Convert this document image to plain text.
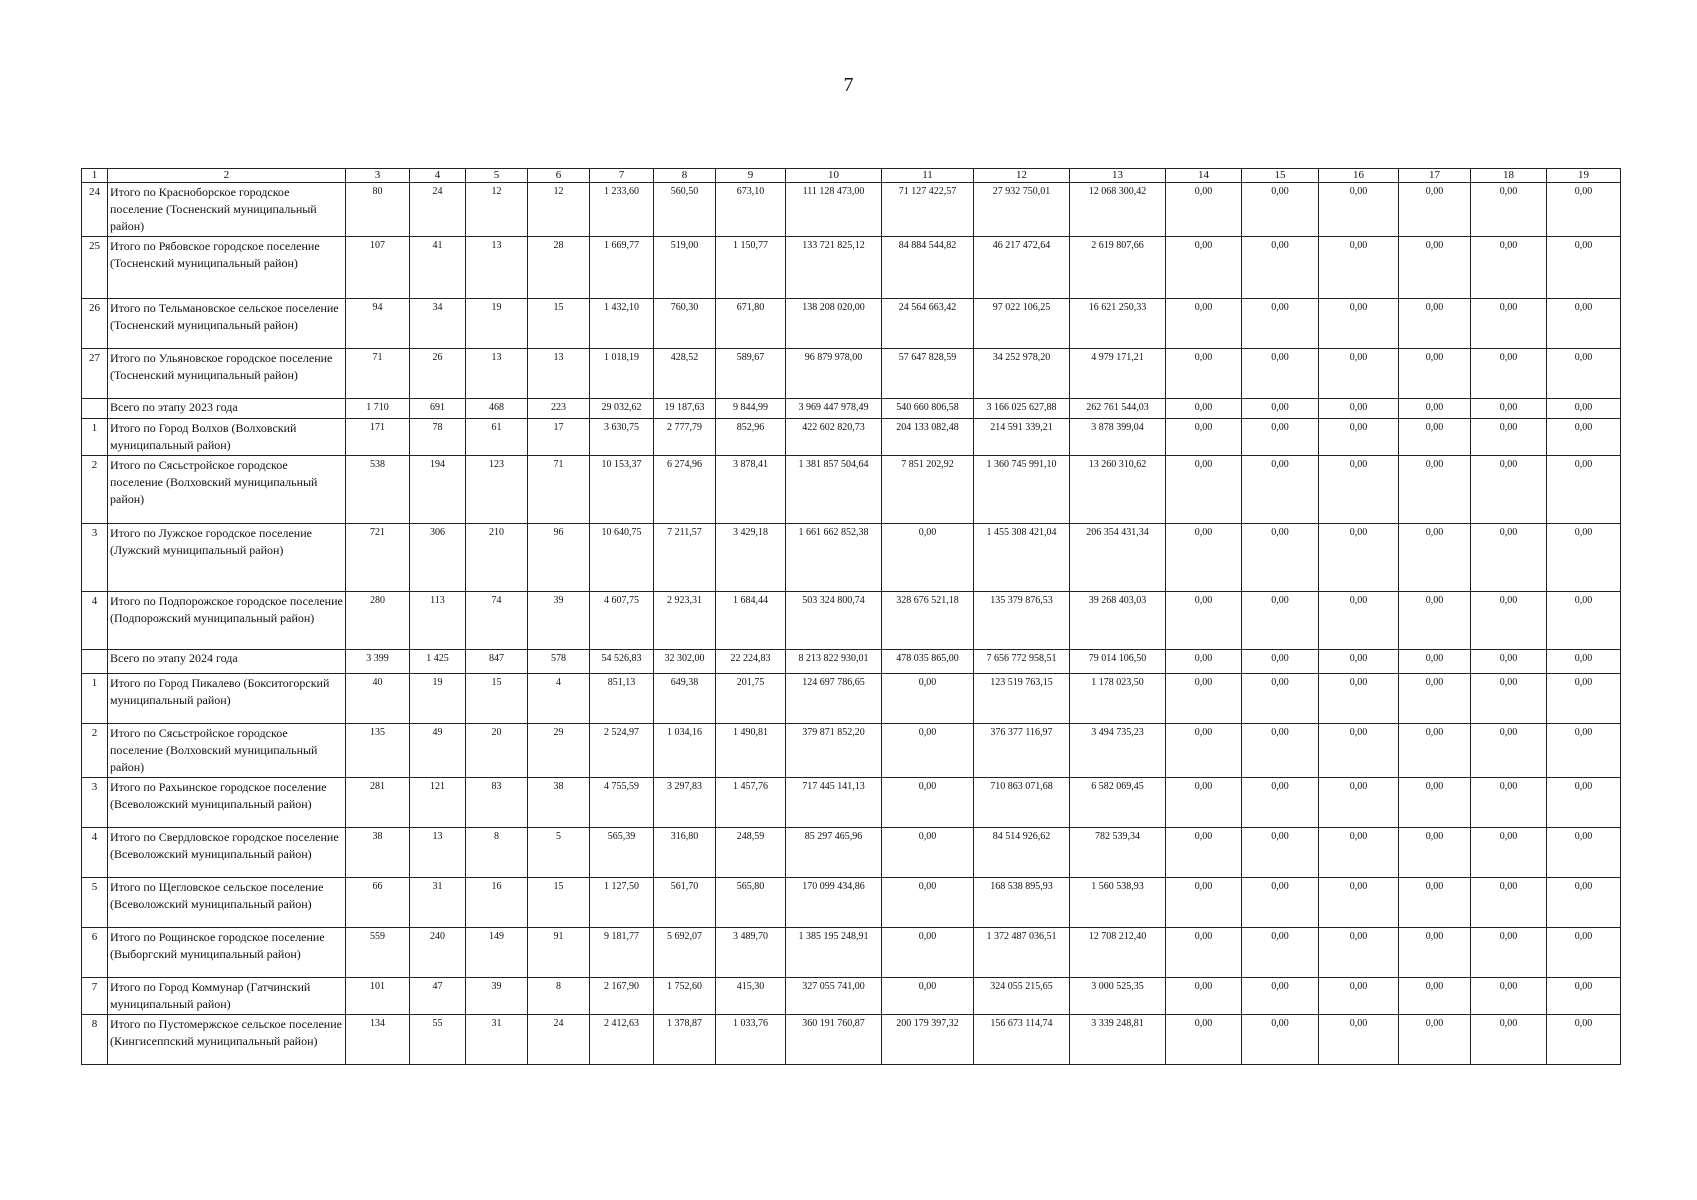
7
1	2	3	4	5	6	7	8	9	10	11	12	13	14	15	16	17	18	19
24	Итого по Красноборское городское поселение (Тосненский муниципальный район)	80	24	12	12	1 233,60	560,50	673,10	111 128 473,00	71 127 422,57	27 932 750,01	12 068 300,42	0,00	0,00	0,00	0,00	0,00	0,00
25	Итого по Рябовское городское поселение (Тосненский муниципальный район)	107	41	13	28	1 669,77	519,00	1 150,77	133 721 825,12	84 884 544,82	46 217 472,64	2 619 807,66	0,00	0,00	0,00	0,00	0,00	0,00
26	Итого по Тельмановское сельское поселение (Тосненский муниципальный район)	94	34	19	15	1 432,10	760,30	671,80	138 208 020,00	24 564 663,42	97 022 106,25	16 621 250,33	0,00	0,00	0,00	0,00	0,00	0,00
27	Итого по Ульяновское городское поселение (Тосненский муниципальный район)	71	26	13	13	1 018,19	428,52	589,67	96 879 978,00	57 647 828,59	34 252 978,20	4 979 171,21	0,00	0,00	0,00	0,00	0,00	0,00
	Всего по этапу 2023 года	1 710	691	468	223	29 032,62	19 187,63	9 844,99	3 969 447 978,49	540 660 806,58	3 166 025 627,88	262 761 544,03	0,00	0,00	0,00	0,00	0,00	0,00
1	Итого по Город Волхов (Волховский муниципальный район)	171	78	61	17	3 630,75	2 777,79	852,96	422 602 820,73	204 133 082,48	214 591 339,21	3 878 399,04	0,00	0,00	0,00	0,00	0,00	0,00
2	Итого по Сясьстройское городское поселение (Волховский муниципальный район)	538	194	123	71	10 153,37	6 274,96	3 878,41	1 381 857 504,64	7 851 202,92	1 360 745 991,10	13 260 310,62	0,00	0,00	0,00	0,00	0,00	0,00
3	Итого по Лужское городское поселение (Лужский муниципальный район)	721	306	210	96	10 640,75	7 211,57	3 429,18	1 661 662 852,38	0,00	1 455 308 421,04	206 354 431,34	0,00	0,00	0,00	0,00	0,00	0,00
4	Итого по Подпорожское городское поселение (Подпорожский муниципальный район)	280	113	74	39	4 607,75	2 923,31	1 684,44	503 324 800,74	328 676 521,18	135 379 876,53	39 268 403,03	0,00	0,00	0,00	0,00	0,00	0,00
	Всего по этапу 2024 года	3 399	1 425	847	578	54 526,83	32 302,00	22 224,83	8 213 822 930,01	478 035 865,00	7 656 772 958,51	79 014 106,50	0,00	0,00	0,00	0,00	0,00	0,00
1	Итого по Город Пикалево (Бокситогорский муниципальный район)	40	19	15	4	851,13	649,38	201,75	124 697 786,65	0,00	123 519 763,15	1 178 023,50	0,00	0,00	0,00	0,00	0,00	0,00
2	Итого по Сясьстройское городское поселение (Волховский муниципальный район)	135	49	20	29	2 524,97	1 034,16	1 490,81	379 871 852,20	0,00	376 377 116,97	3 494 735,23	0,00	0,00	0,00	0,00	0,00	0,00
3	Итого по Рахьинское городское поселение (Всеволожский муниципальный район)	281	121	83	38	4 755,59	3 297,83	1 457,76	717 445 141,13	0,00	710 863 071,68	6 582 069,45	0,00	0,00	0,00	0,00	0,00	0,00
4	Итого по Свердловское городское поселение (Всеволожский муниципальный район)	38	13	8	5	565,39	316,80	248,59	85 297 465,96	0,00	84 514 926,62	782 539,34	0,00	0,00	0,00	0,00	0,00	0,00
5	Итого по Щегловское сельское поселение (Всеволожский муниципальный район)	66	31	16	15	1 127,50	561,70	565,80	170 099 434,86	0,00	168 538 895,93	1 560 538,93	0,00	0,00	0,00	0,00	0,00	0,00
6	Итого по Рощинское городское поселение (Выборгский муниципальный район)	559	240	149	91	9 181,77	5 692,07	3 489,70	1 385 195 248,91	0,00	1 372 487 036,51	12 708 212,40	0,00	0,00	0,00	0,00	0,00	0,00
7	Итого по Город Коммунар (Гатчинский муниципальный район)	101	47	39	8	2 167,90	1 752,60	415,30	327 055 741,00	0,00	324 055 215,65	3 000 525,35	0,00	0,00	0,00	0,00	0,00	0,00
8	Итого по Пустомержское сельское поселение (Кингисеппский муниципальный район)	134	55	31	24	2 412,63	1 378,87	1 033,76	360 191 760,87	200 179 397,32	156 673 114,74	3 339 248,81	0,00	0,00	0,00	0,00	0,00	0,00
